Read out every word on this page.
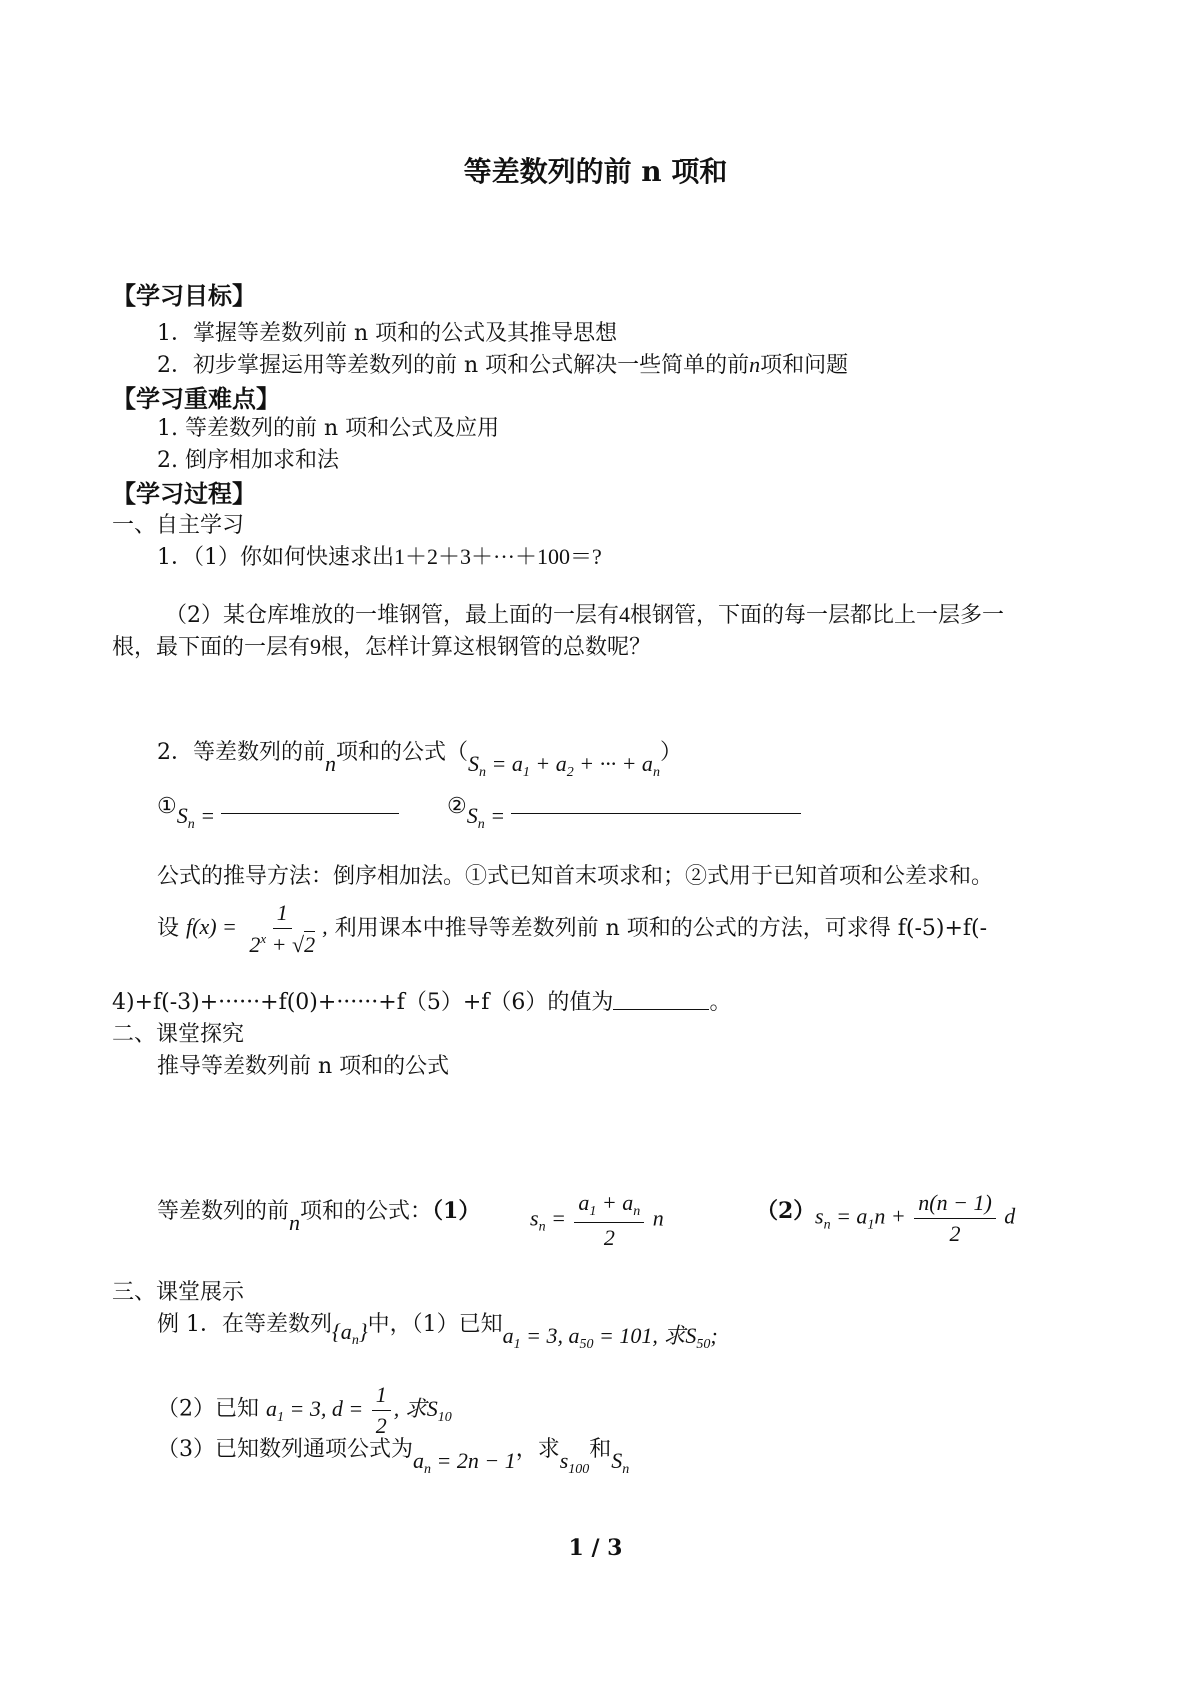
等差数列的前 n 项和
【学习目标】
1．掌握等差数列前 n 项和的公式及其推导思想
2．初步掌握运用等差数列的前 n 项和公式解决一些简单的前n项和问题
【学习重难点】
1. 等差数列的前 n 项和公式及应用
2. 倒序相加求和法
【学习过程】
一、自主学习
1．（1）你如何快速求出1＋2＋3＋···＋100＝?
（2）某仓库堆放的一堆钢管，最上面的一层有4根钢管，下面的每一层都比上一层多一
根，最下面的一层有9根，怎样计算这根钢管的总数呢？
2．等差数列的前n项和的公式（$S_n = a_1 + a_2$ + ··· + $a_n$）
$①S_n$ =	$②S_n$ =
公式的推导方法：倒序相加法。①式已知首末项求和；②式用于已知首项和公差求和。
设 $f(x) = \frac{1}{2^x + √2}$ , 利用课本中推导等差数列前 n 项和的公式的方法，可求得 f(-5)+f(-
4)+f(-3)+······+f(0)+······+f（5）+f（6）的值为	。
二、课堂探究
推导等差数列前 n 项和的公式
等差数列的前n项和的公式：（1） $s_n = \frac{a_1 + a_n}{2}$ n	（2） $s_n = a_1n + \frac{n(n - 1)}{2}$ d
三、课堂展示
例 1．在等差数列$\{a_n\}$中，（1）已知$a_1 = 3$, $a_{50} = 101$, 求$S_{50}$;
（2）已知 $a_1 = 3$, $d = \frac{1}{2}$ , 求$S_{10}$
（3）已知数列通项公式为$a_n = 2n - 1$，求$s_{100}$和$S_n$
1 / 3
